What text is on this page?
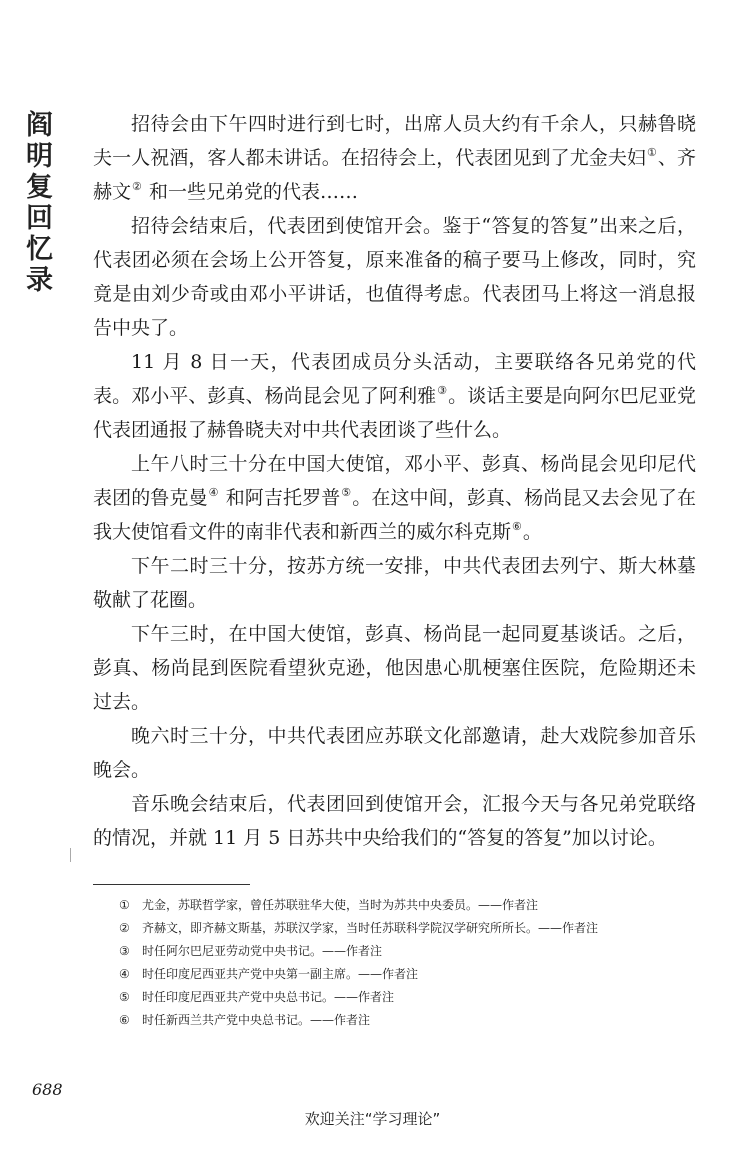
阎明复回忆录	招待会由下午四时进行到七时，出席人员大约有千余人，只赫鲁晓夫一人祝酒，客人都未讲话。在招待会上，代表团见到了尤金夫妇①、齐赫文② 和一些兄弟党的代表……

招待会结束后，代表团到使馆开会。鉴于“答复的答复”出来之后，代表团必须在会场上公开答复，原来准备的稿子要马上修改，同时，究竟是由刘少奇或由邓小平讲话，也值得考虑。代表团马上将这一消息报告中央了。

11 月 8 日一天，代表团成员分头活动，主要联络各兄弟党的代表。邓小平、彭真、杨尚昆会见了阿利雅③。谈话主要是向阿尔巴尼亚党代表团通报了赫鲁晓夫对中共代表团谈了些什么。

上午八时三十分在中国大使馆，邓小平、彭真、杨尚昆会见印尼代表团的鲁克曼④ 和阿吉托罗普⑤。在这中间，彭真、杨尚昆又去会见了在我大使馆看文件的南非代表和新西兰的威尔科克斯⑥。

下午二时三十分，按苏方统一安排，中共代表团去列宁、斯大林墓敬献了花圈。

下午三时，在中国大使馆，彭真、杨尚昆一起同夏基谈话。之后，彭真、杨尚昆到医院看望狄克逊，他因患心肌梗塞住医院，危险期还未过去。

晚六时三十分，中共代表团应苏联文化部邀请，赴大戏院参加音乐晚会。

音乐晚会结束后，代表团回到使馆开会，汇报今天与各兄弟党联络的情况，并就 11 月 5 日苏共中央给我们的“答复的答复”加以讨论。

① 尤金，苏联哲学家，曾任苏联驻华大使，当时为苏共中央委员。——作者注
② 齐赫文，即齐赫文斯基，苏联汉学家，当时任苏联科学院汉学研究所所长。——作者注
③ 时任阿尔巴尼亚劳动党中央书记。——作者注
④ 时任印度尼西亚共产党中央第一副主席。——作者注
⑤ 时任印度尼西亚共产党中央总书记。——作者注
⑥ 时任新西兰共产党中央总书记。——作者注
688
欢迎关注“学习理论”
